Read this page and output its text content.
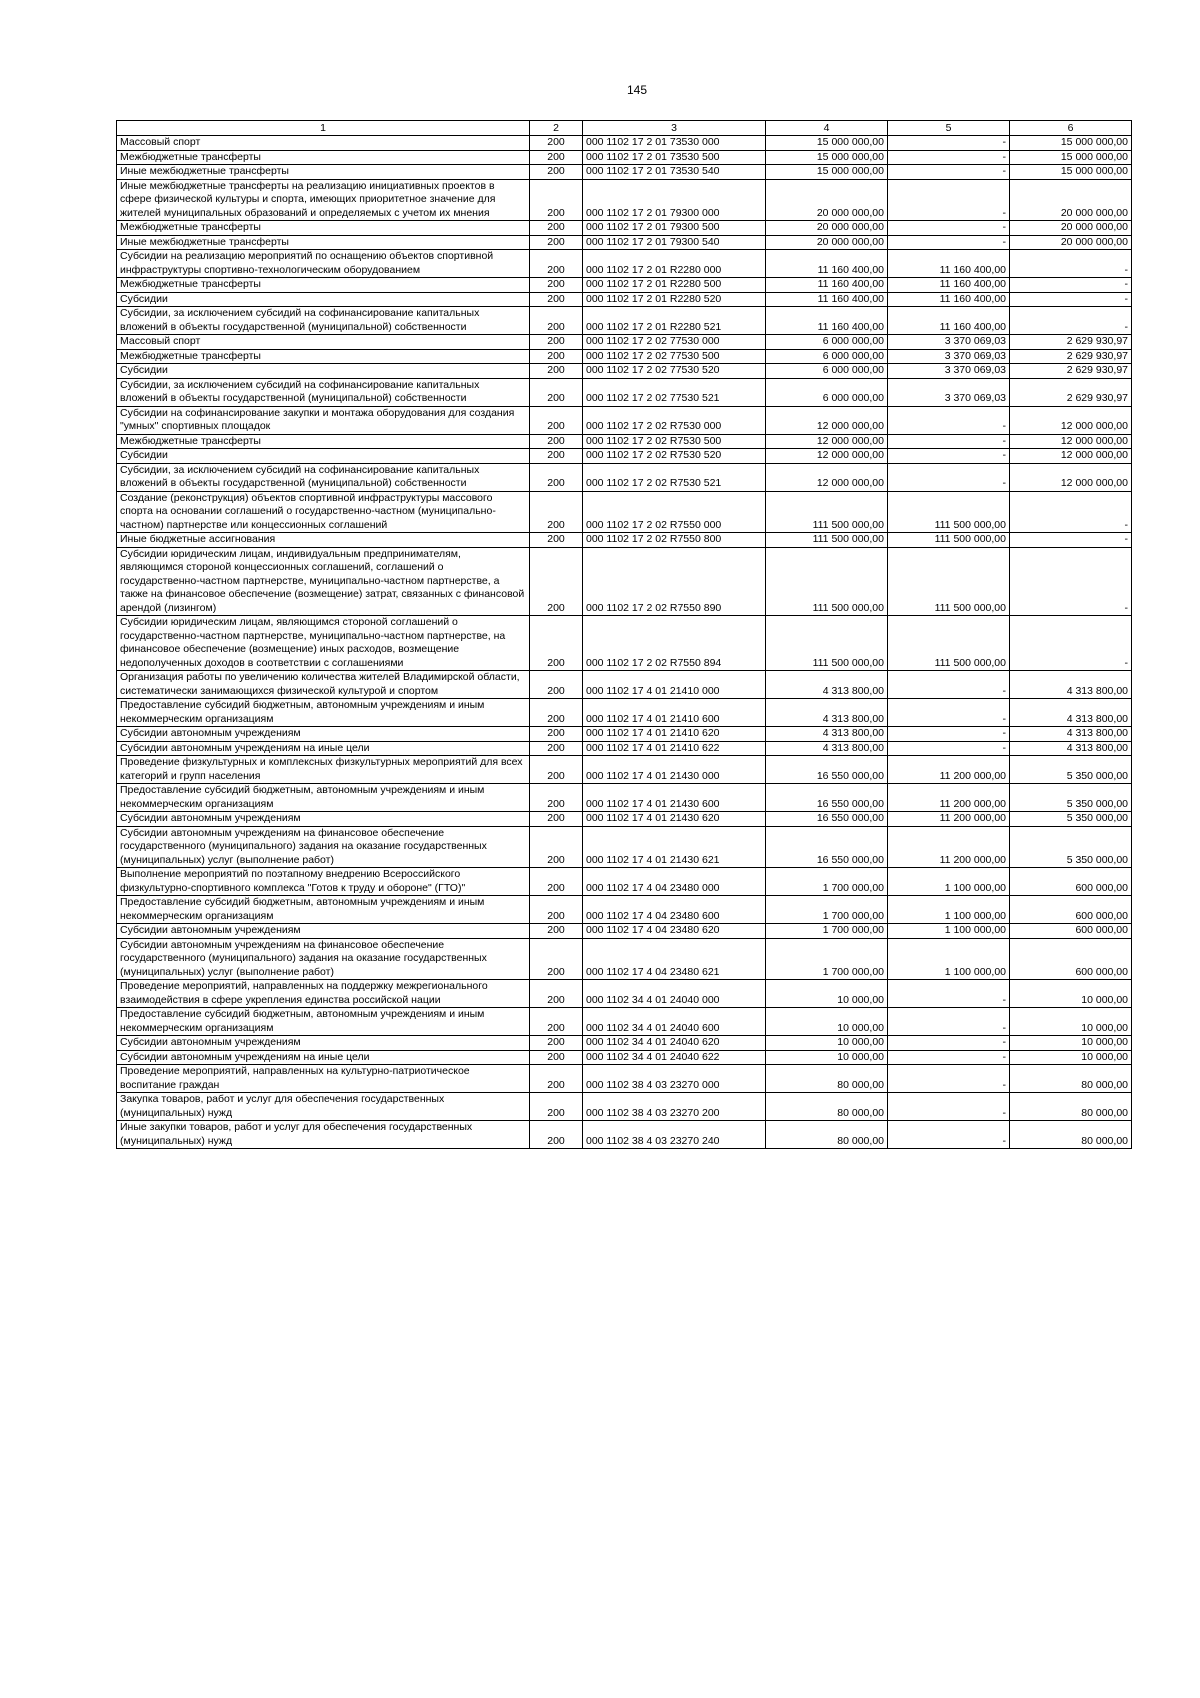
145
1	2	3	4	5	6
Массовый спорт	200	000 1102 17 2 01 73530 000	15 000 000,00	-	15 000 000,00
Межбюджетные трансферты	200	000 1102 17 2 01 73530 500	15 000 000,00	-	15 000 000,00
Иные межбюджетные трансферты	200	000 1102 17 2 01 73530 540	15 000 000,00	-	15 000 000,00
Иные межбюджетные трансферты на реализацию инициативных проектов в сфере физической культуры и спорта, имеющих приоритетное значение для жителей муниципальных образований и определяемых с учетом их мнения	200	000 1102 17 2 01 79300 000	20 000 000,00	-	20 000 000,00
Межбюджетные трансферты	200	000 1102 17 2 01 79300 500	20 000 000,00	-	20 000 000,00
Иные межбюджетные трансферты	200	000 1102 17 2 01 79300 540	20 000 000,00	-	20 000 000,00
Субсидии на реализацию мероприятий по оснащению объектов спортивной инфраструктуры спортивно-технологическим оборудованием	200	000 1102 17 2 01 R2280 000	11 160 400,00	11 160 400,00	-
Межбюджетные трансферты	200	000 1102 17 2 01 R2280 500	11 160 400,00	11 160 400,00	-
Субсидии	200	000 1102 17 2 01 R2280 520	11 160 400,00	11 160 400,00	-
Субсидии, за исключением субсидий на софинансирование капитальных вложений в объекты государственной (муниципальной) собственности	200	000 1102 17 2 01 R2280 521	11 160 400,00	11 160 400,00	-
Массовый спорт	200	000 1102 17 2 02 77530 000	6 000 000,00	3 370 069,03	2 629 930,97
Межбюджетные трансферты	200	000 1102 17 2 02 77530 500	6 000 000,00	3 370 069,03	2 629 930,97
Субсидии	200	000 1102 17 2 02 77530 520	6 000 000,00	3 370 069,03	2 629 930,97
Субсидии, за исключением субсидий на софинансирование капитальных вложений в объекты государственной (муниципальной) собственности	200	000 1102 17 2 02 77530 521	6 000 000,00	3 370 069,03	2 629 930,97
Субсидии на софинансирование закупки и монтажа оборудования для создания "умных" спортивных площадок	200	000 1102 17 2 02 R7530 000	12 000 000,00	-	12 000 000,00
Межбюджетные трансферты	200	000 1102 17 2 02 R7530 500	12 000 000,00	-	12 000 000,00
Субсидии	200	000 1102 17 2 02 R7530 520	12 000 000,00	-	12 000 000,00
Субсидии, за исключением субсидий на софинансирование капитальных вложений в объекты государственной (муниципальной) собственности	200	000 1102 17 2 02 R7530 521	12 000 000,00	-	12 000 000,00
Создание (реконструкция) объектов спортивной инфраструктуры массового спорта на основании соглашений о государственно-частном (муниципально-частном) партнерстве или концессионных соглашений	200	000 1102 17 2 02 R7550 000	111 500 000,00	111 500 000,00	-
Иные бюджетные ассигнования	200	000 1102 17 2 02 R7550 800	111 500 000,00	111 500 000,00	-
Субсидии юридическим лицам, индивидуальным предпринимателям, являющимся стороной концессионных соглашений, соглашений о государственно-частном партнерстве, муниципально-частном партнерстве, а также на финансовое обеспечение (возмещение) затрат, связанных с финансовой арендой (лизингом)	200	000 1102 17 2 02 R7550 890	111 500 000,00	111 500 000,00	-
Субсидии юридическим лицам, являющимся стороной соглашений о государственно-частном партнерстве, муниципально-частном партнерстве, на финансовое обеспечение (возмещение) иных расходов, возмещение недополученных доходов в соответствии с соглашениями	200	000 1102 17 2 02 R7550 894	111 500 000,00	111 500 000,00	-
Организация работы по увеличению количества жителей Владимирской области, систематически занимающихся физической культурой и спортом	200	000 1102 17 4 01 21410 000	4 313 800,00	-	4 313 800,00
Предоставление субсидий бюджетным, автономным учреждениям и иным некоммерческим организациям	200	000 1102 17 4 01 21410 600	4 313 800,00	-	4 313 800,00
Субсидии автономным учреждениям	200	000 1102 17 4 01 21410 620	4 313 800,00	-	4 313 800,00
Субсидии автономным учреждениям на иные цели	200	000 1102 17 4 01 21410 622	4 313 800,00	-	4 313 800,00
Проведение физкультурных и комплексных физкультурных мероприятий для всех категорий и групп населения	200	000 1102 17 4 01 21430 000	16 550 000,00	11 200 000,00	5 350 000,00
Предоставление субсидий бюджетным, автономным учреждениям и иным некоммерческим организациям	200	000 1102 17 4 01 21430 600	16 550 000,00	11 200 000,00	5 350 000,00
Субсидии автономным учреждениям	200	000 1102 17 4 01 21430 620	16 550 000,00	11 200 000,00	5 350 000,00
Субсидии автономным учреждениям на финансовое обеспечение государственного (муниципального) задания на оказание государственных (муниципальных) услуг (выполнение работ)	200	000 1102 17 4 01 21430 621	16 550 000,00	11 200 000,00	5 350 000,00
Выполнение мероприятий по поэтапному внедрению Всероссийского физкультурно-спортивного комплекса "Готов к труду и обороне" (ГТО)"	200	000 1102 17 4 04 23480 000	1 700 000,00	1 100 000,00	600 000,00
Предоставление субсидий бюджетным, автономным учреждениям и иным некоммерческим организациям	200	000 1102 17 4 04 23480 600	1 700 000,00	1 100 000,00	600 000,00
Субсидии автономным учреждениям	200	000 1102 17 4 04 23480 620	1 700 000,00	1 100 000,00	600 000,00
Субсидии автономным учреждениям на финансовое обеспечение государственного (муниципального) задания на оказание государственных (муниципальных) услуг (выполнение работ)	200	000 1102 17 4 04 23480 621	1 700 000,00	1 100 000,00	600 000,00
Проведение мероприятий, направленных на поддержку межрегионального взаимодействия в сфере укрепления единства российской нации	200	000 1102 34 4 01 24040 000	10 000,00	-	10 000,00
Предоставление субсидий бюджетным, автономным учреждениям и иным некоммерческим организациям	200	000 1102 34 4 01 24040 600	10 000,00	-	10 000,00
Субсидии автономным учреждениям	200	000 1102 34 4 01 24040 620	10 000,00	-	10 000,00
Субсидии автономным учреждениям на иные цели	200	000 1102 34 4 01 24040 622	10 000,00	-	10 000,00
Проведение мероприятий, направленных на культурно-патриотическое воспитание граждан	200	000 1102 38 4 03 23270 000	80 000,00	-	80 000,00
Закупка товаров, работ и услуг для обеспечения государственных (муниципальных) нужд	200	000 1102 38 4 03 23270 200	80 000,00	-	80 000,00
Иные закупки товаров, работ и услуг для обеспечения государственных (муниципальных) нужд	200	000 1102 38 4 03 23270 240	80 000,00	-	80 000,00
